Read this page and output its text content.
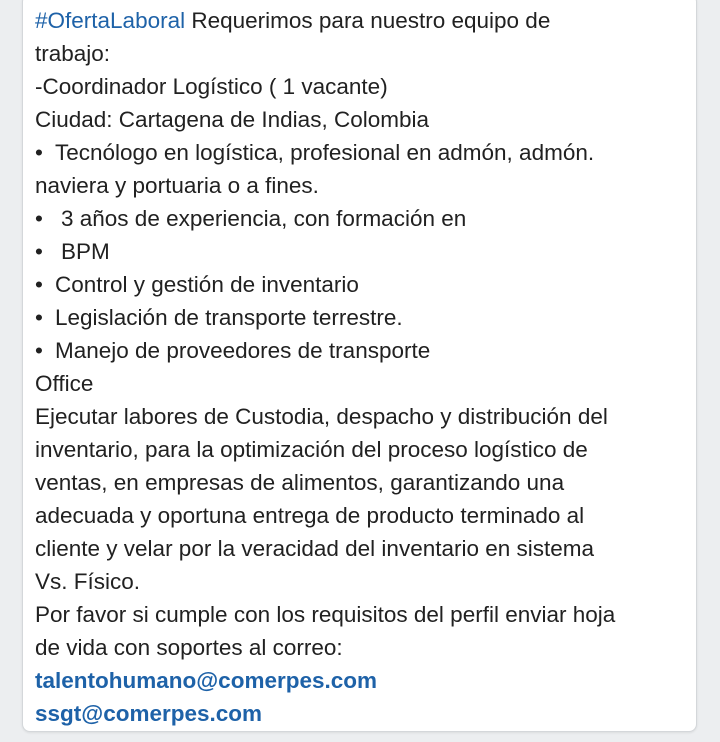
#OfertaLaboral Requerimos para nuestro equipo de
trabajo:
-Coordinador Logístico ( 1 vacante)
Ciudad: Cartagena de Indias, Colombia
• Tecnólogo en logística, profesional en admón, admón.
naviera y portuaria o a fines.
• 3 años de experiencia, con formación en
• BPM
• Control y gestión de inventario
• Legislación de transporte terrestre.
• Manejo de proveedores de transporte
Office
Ejecutar labores de Custodia, despacho y distribución del
inventario, para la optimización del proceso logístico de
ventas, en empresas de alimentos, garantizando una
adecuada y oportuna entrega de producto terminado al
cliente y velar por la veracidad del inventario en sistema
Vs. Físico.
Por favor si cumple con los requisitos del perfil enviar hoja
de vida con soportes al correo:
talentohumano@comerpes.com
ssgt@comerpes.com
